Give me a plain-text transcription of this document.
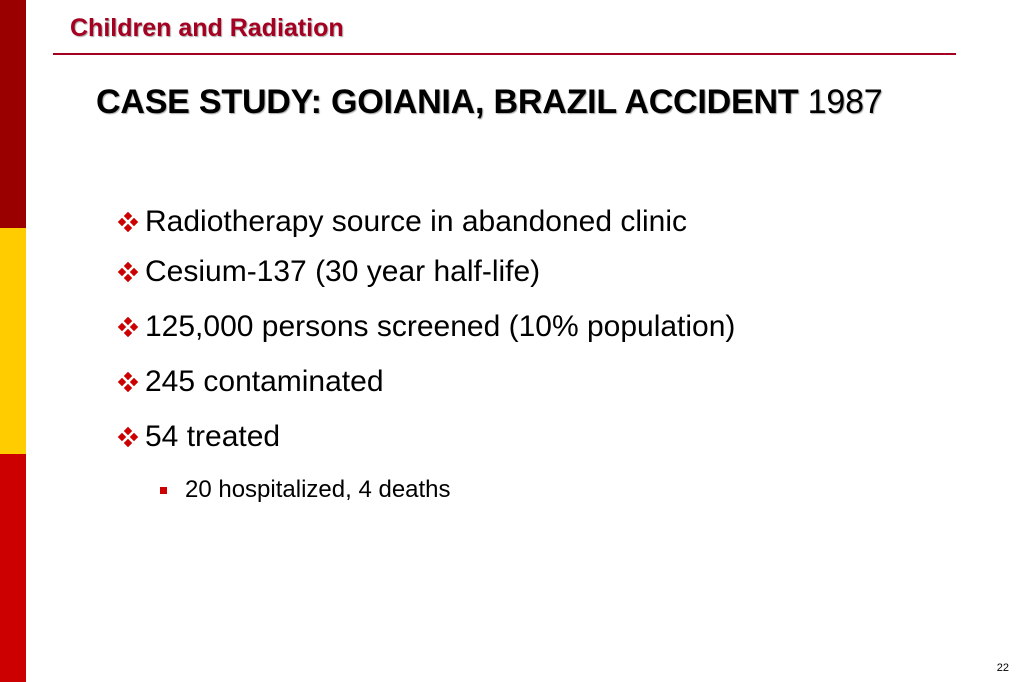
Children and Radiation
CASE STUDY: GOIANIA, BRAZIL ACCIDENT 1987
Radiotherapy source in abandoned clinic
Cesium-137 (30 year half-life)
125,000 persons screened (10% population)
245 contaminated
54 treated
20 hospitalized, 4 deaths
22
